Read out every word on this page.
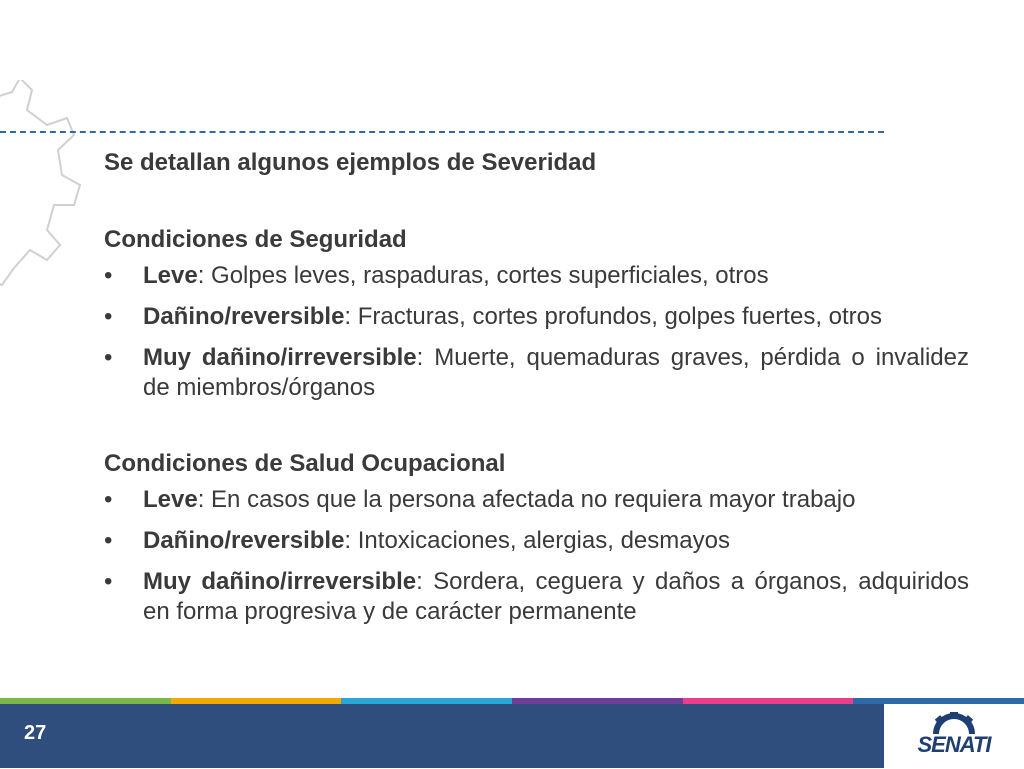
Se detallan algunos ejemplos de Severidad

Condiciones de Seguridad

• Leve: Golpes leves, raspaduras, cortes superficiales, otros
• Dañino/reversible: Fracturas, cortes profundos, golpes fuertes, otros
• Muy dañino/irreversible: Muerte, quemaduras graves, pérdida o invalidez de miembros/órganos

Condiciones de Salud Ocupacional

• Leve: En casos que la persona afectada no requiera mayor trabajo
• Dañino/reversible: Intoxicaciones, alergias, desmayos
• Muy dañino/irreversible: Sordera, ceguera y daños a órganos, adquiridos en forma progresiva y de carácter permanente
27	SENATI
